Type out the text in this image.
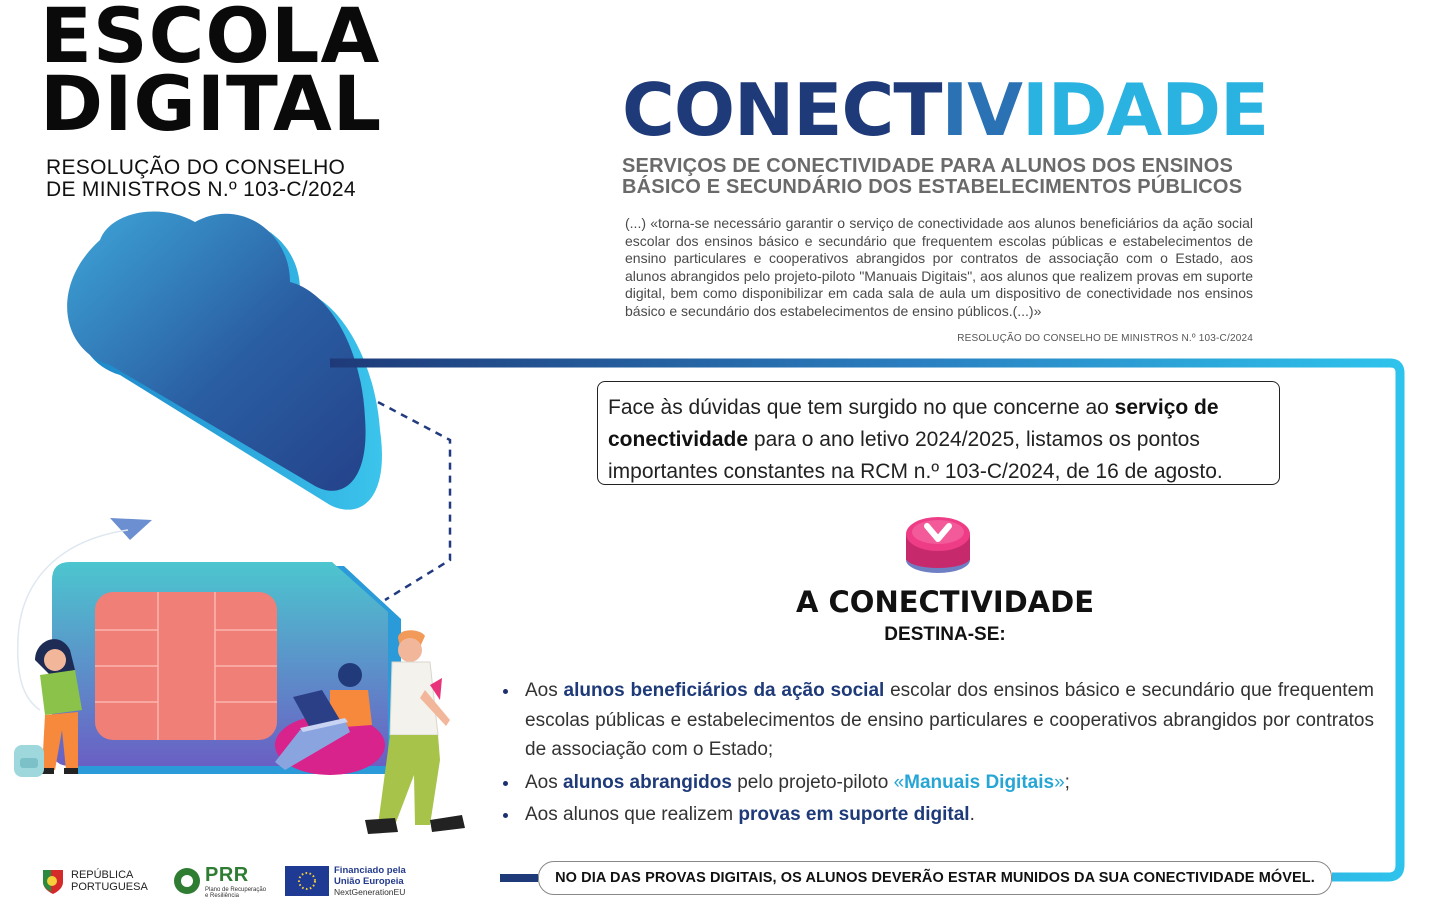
ESCOLA
DIGITAL
RESOLUÇÃO DO CONSELHO
DE MINISTROS N.º 103-C/2024
CONECTIVIDADE
SERVIÇOS DE CONECTIVIDADE PARA ALUNOS DOS ENSINOS
BÁSICO E SECUNDÁRIO DOS ESTABELECIMENTOS PÚBLICOS

(...) «torna-se necessário garantir o serviço de conectividade aos alunos beneficiários da ação social escolar dos ensinos básico e secundário que frequentem escolas públicas e estabelecimentos de ensino particulares e cooperativos abrangidos por contratos de associação com o Estado, aos alunos abrangidos pelo projeto-piloto "Manuais Digitais", aos alunos que realizem provas em suporte digital, bem como disponibilizar em cada sala de aula um dispositivo de conectividade nos ensinos básico e secundário dos estabelecimentos de ensino públicos.(...)»

RESOLUÇÃO DO CONSELHO DE MINISTROS N.º 103-C/2024
Face às dúvidas que tem surgido no que concerne ao serviço de
conectividade para o ano letivo 2024/2025, listamos os pontos importantes constantes na RCM n.º 103-C/2024, de 16 de agosto.
A CONECTIVIDADE
DESTINA-SE:
Aos alunos beneficiários da ação social escolar dos ensinos básico e secundário que frequentem escolas públicas e estabelecimentos de ensino particulares e cooperativos abrangidos por contratos de associação com o Estado;
Aos alunos abrangidos pelo projeto-piloto «Manuais Digitais»;
Aos alunos que realizem provas em suporte digital.
NO DIA DAS PROVAS DIGITAIS, OS ALUNOS DEVERÃO ESTAR MUNIDOS DA SUA CONECTIVIDADE MÓVEL.
REPÚBLICA
PORTUGUESA
PRR
Plano de Recuperação
e Resiliência
Financiado pela
União Europeia
NextGenerationEU
